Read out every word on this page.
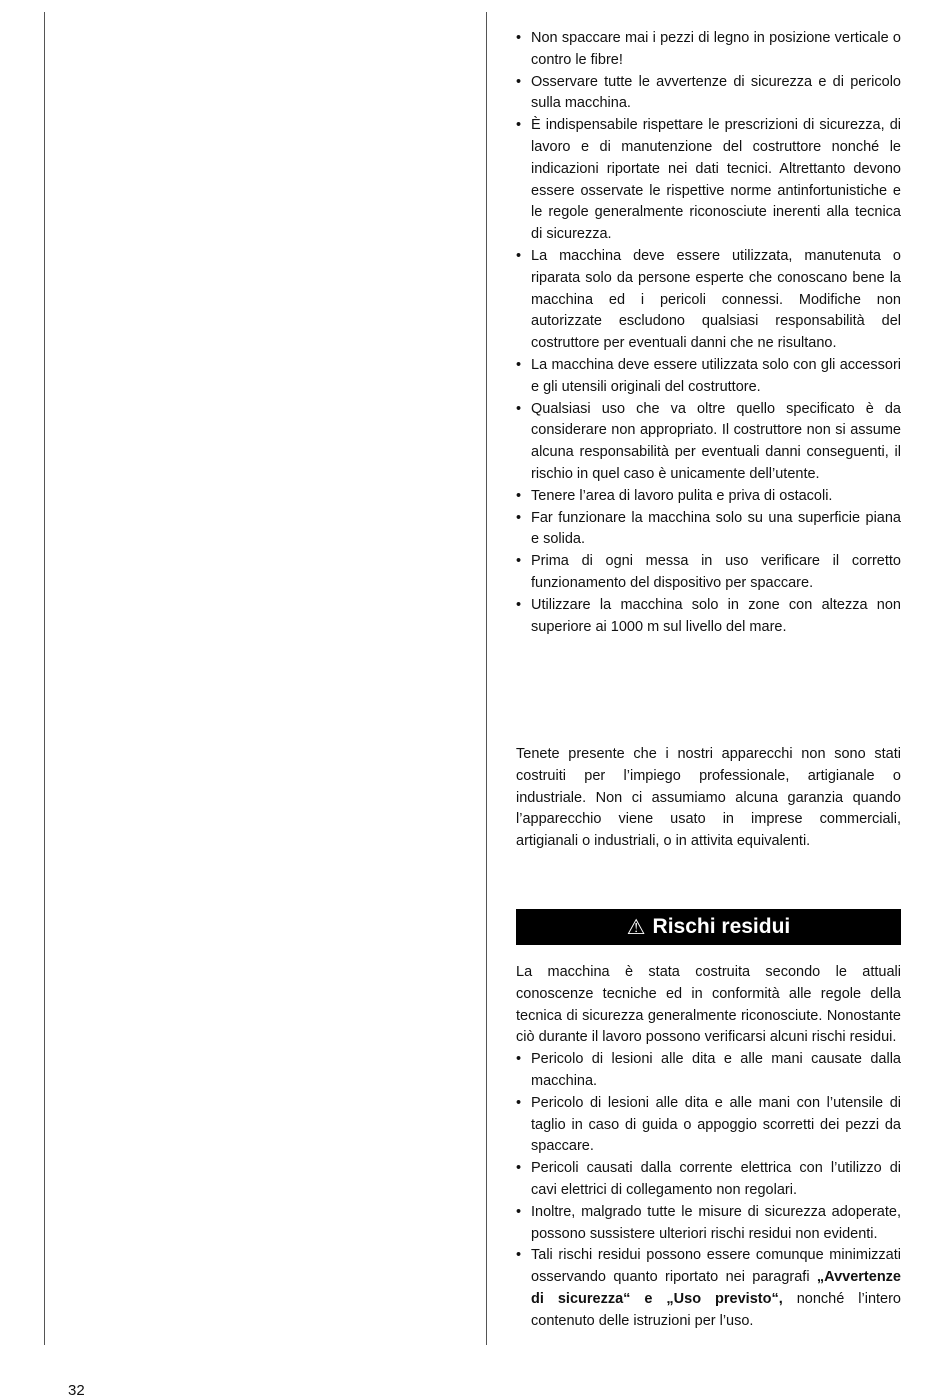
• Non spaccare mai i pezzi di legno in posizione verticale o contro le fibre!
• Osservare tutte le avvertenze di sicurezza e di pericolo sulla macchina.
• È indispensabile rispettare le prescrizioni di sicurezza, di lavoro e di manutenzione del costruttore nonché le indicazioni riportate nei dati tecnici. Altrettanto devono essere osservate le rispettive norme antinfortunistiche e le regole generalmente riconosciute inerenti alla tecnica di sicurezza.
• La macchina deve essere utilizzata, manutenuta o riparata solo da persone esperte che conoscano bene la macchina ed i pericoli connessi. Modifiche non autorizzate escludono qualsiasi responsabilità del costruttore per eventuali danni che ne risultano.
• La macchina deve essere utilizzata solo con gli accessori e gli utensili originali del costruttore.
• Qualsiasi uso che va oltre quello specificato è da considerare non appropriato. Il costruttore non si assume alcuna responsabilità per eventuali danni conseguenti, il rischio in quel caso è unicamente dell’utente.
• Tenere l’area di lavoro pulita e priva di ostacoli.
• Far funzionare la macchina solo su una superficie piana e solida.
• Prima di ogni messa in uso verificare il corretto funzionamento del dispositivo per spaccare.
• Utilizzare la macchina solo in zone con altezza non superiore ai 1000 m sul livello del mare.

Tenete presente che i nostri apparecchi non sono stati costruiti per l’impiego professionale, artigianale o industriale. Non ci assumiamo alcuna garanzia quando l’apparecchio viene usato in imprese commerciali, artigianali o industriali, o in attivita equivalenti.

⚠ Rischi residui

La macchina è stata costruita secondo le attuali conoscenze tecniche ed in conformità alle regole della tecnica di sicurezza generalmente riconosciute. Nonostante ciò durante il lavoro possono verificarsi alcuni rischi residui.

• Pericolo di lesioni alle dita e alle mani causate dalla macchina.
• Pericolo di lesioni alle dita e alle mani con l’utensile di taglio in caso di guida o appoggio scorretti dei pezzi da spaccare.
• Pericoli causati dalla corrente elettrica con l’utilizzo di cavi elettrici di collegamento non regolari.
• Inoltre, malgrado tutte le misure di sicurezza adoperate, possono sussistere ulteriori rischi residui non evidenti.
• Tali rischi residui possono essere comunque minimizzati osservando quanto riportato nei paragrafi „Avvertenze di sicurezza“ e „Uso previsto“, nonché l’intero contenuto delle istruzioni per l’uso.
32
